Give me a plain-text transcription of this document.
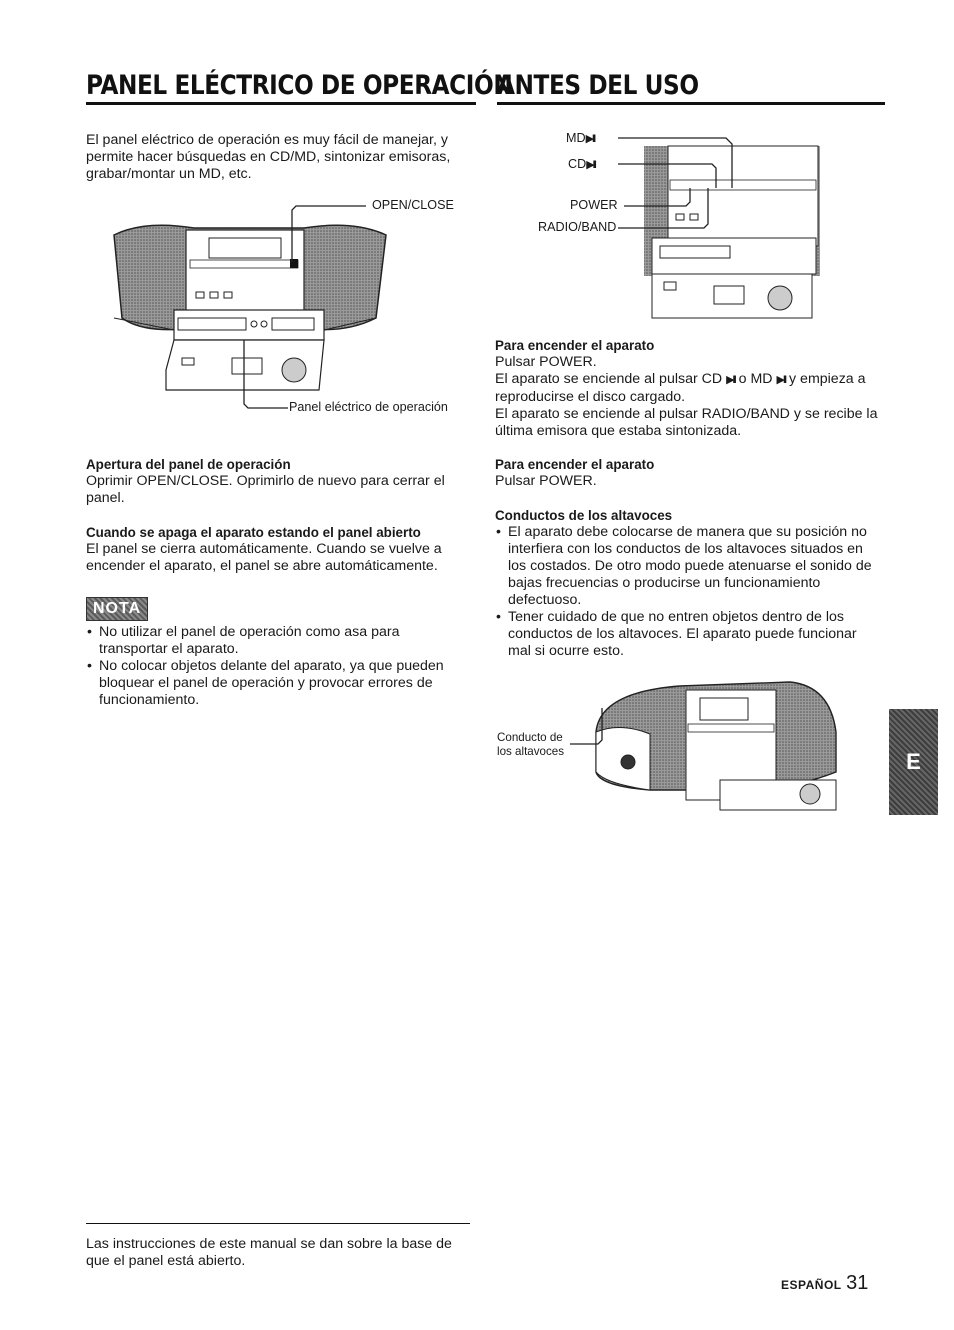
PANEL ELÉCTRICO DE OPERACIÓN
ANTES DEL USO
El panel eléctrico de operación es muy fácil de manejar, y permite hacer búsquedas en CD/MD, sintonizar emisoras, grabar/montar un MD, etc.
OPEN/CLOSE
Panel eléctrico de operación
Apertura del panel de operación
Oprimir OPEN/CLOSE. Oprimirlo de nuevo para cerrar el panel.
Cuando se apaga el aparato estando el panel abierto
El panel se cierra automáticamente. Cuando se vuelve a encender el aparato, el panel se abre automáticamente.
NOTA
• No utilizar el panel de operación como asa para transportar el aparato.
• No colocar objetos delante del aparato, ya que pueden bloquear el panel de operación y provocar errores de funcionamiento.
Las instrucciones de este manual se dan sobre la base de que el panel está abierto.
MD▶II
CD▶II
POWER
RADIO/BAND
Para encender el aparato
Pulsar POWER.
El aparato se enciende al pulsar CD ▶II o MD ▶II y empieza a reproducirse el disco cargado.
El aparato se enciende al pulsar RADIO/BAND y se recibe la última emisora que estaba sintonizada.
Para encender el aparato
Pulsar POWER.
Conductos de los altavoces
• El aparato debe colocarse de manera que su posición no interfiera con los conductos de los altavoces situados en los costados. De otro modo puede atenuarse el sonido de bajas frecuencias o producirse un funcionamiento defectuoso.
• Tener cuidado de que no entren objetos dentro de los conductos de los altavoces. El aparato puede funcionar mal si ocurre esto.
Conducto de
los altavoces	E
ESPAÑOL 31
